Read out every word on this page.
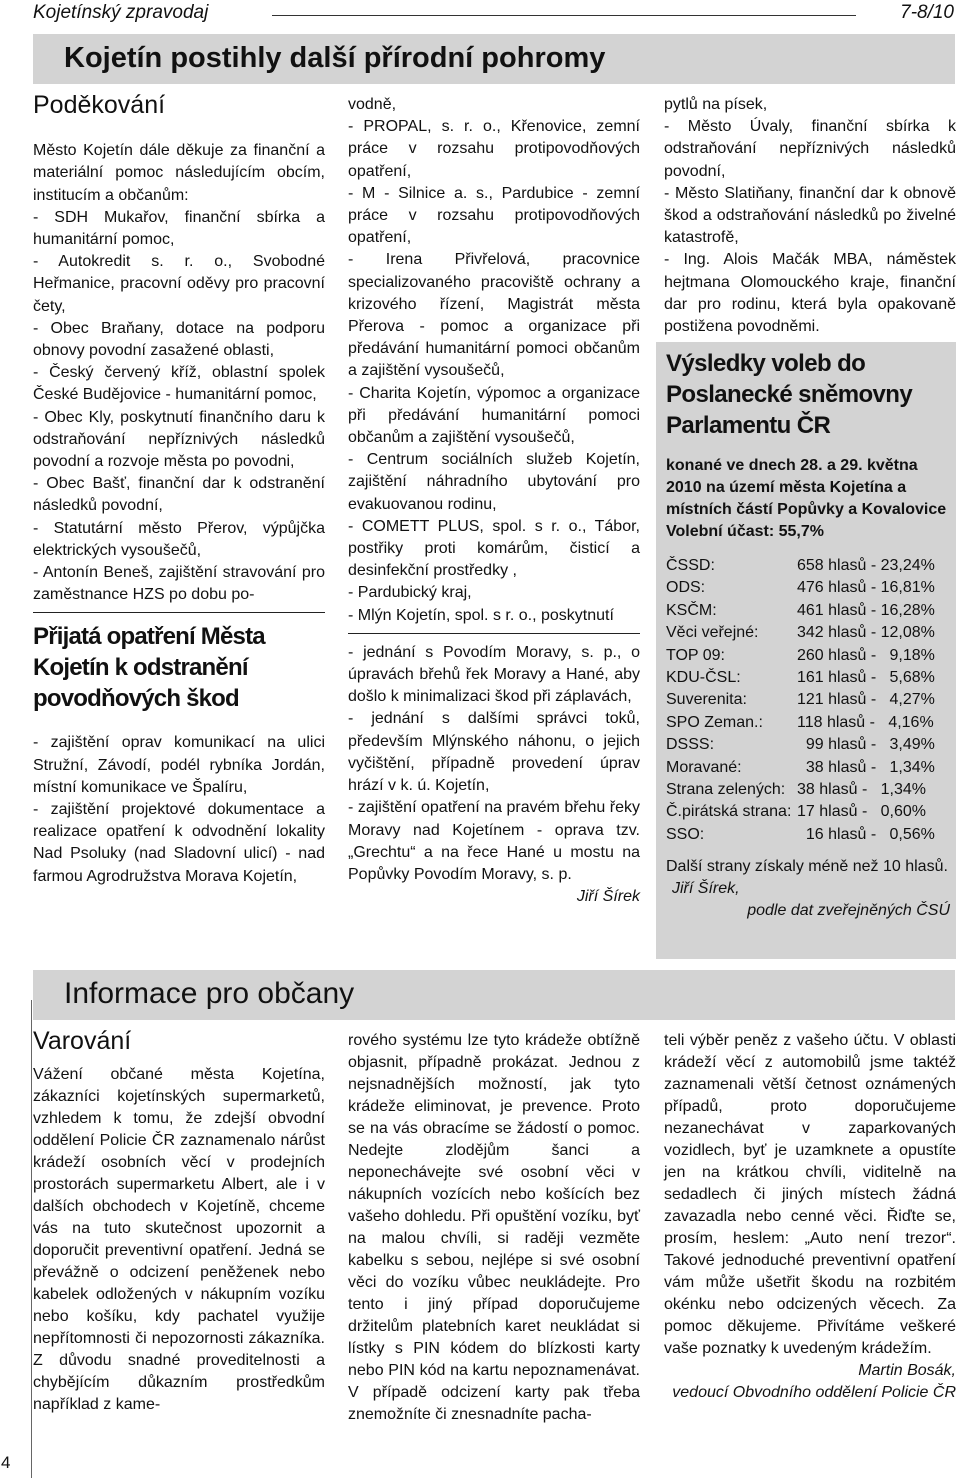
Kojetínský zpravodaj	7-8/10
Kojetín postihly další přírodní pohromy
Poděkování

Město Kojetín dále děkuje za finanční a materiální pomoc následujícím obcím, institucím a občanům:

- SDH Mukařov, finanční sbírka a humanitární pomoc,

- Autokredit s. r. o., Svobodné Heřmanice, pracovní oděvy pro pracovní čety,

- Obec Braňany, dotace na podporu obnovy povodní zasažené oblasti,

- Český červený kříž, oblastní spolek České Budějovice - humanitární pomoc,

- Obec Kly, poskytnutí finančního daru k odstraňování nepříznivých následků povodní a rozvoje města po povodni,

- Obec Bašť, finanční dar k odstranění následků povodní,

- Statutární město Přerov, výpůjčka elektrických vysoušečů,

- Antonín Beneš, zajištění stravování pro zaměstnance HZS po dobu po-

Přijatá opatření Města Kojetín k odstranění povodňových škod

- zajištění oprav komunikací na ulici Stružní, Závodí, podél rybníka Jordán, místní komunikace ve Špalíru,

- zajištění projektové dokumentace a realizace opatření k odvodnění lokality Nad Psoluky (nad Sladovní ulicí) - nad farmou Agrodružstva Morava Kojetín,

vodně,

- PROPAL, s. r. o., Křenovice, zemní práce v rozsahu protipovodňových opatření,

- M - Silnice a. s., Pardubice - zemní práce v rozsahu protipovodňových opatření,

- Irena Přivřelová, pracovnice specializovaného pracoviště ochrany a krizového řízení, Magistrát města Přerova - pomoc a organizace při předávání humanitární pomoci občanům a zajištění vysoušečů,

- Charita Kojetín, výpomoc a organizace při předávání humanitární pomoci občanům a zajištění vysoušečů,

- Centrum sociálních služeb Kojetín, zajištění náhradního ubytování pro evakuovanou rodinu,

- COMETT PLUS, spol. s r. o., Tábor, postřiky proti komárům, čisticí a desinfekční prostředky ,

- Pardubický kraj,

- Mlýn Kojetín, spol. s r. o., poskytnutí

- jednání s Povodím Moravy, s. p., o úpravách břehů řek Moravy a Hané, aby došlo k minimalizaci škod při záplavách,

- jednání s dalšími správci toků, především Mlýnského náhonu, o jejich vyčištění, případně provedení úprav hrází v k. ú. Kojetín,

- zajištění opatření na pravém břehu řeky Moravy nad Kojetínem - oprava tzv. „Grechtu“ a na řece Hané u mostu na Popůvky Povodím Moravy, s. p.

Jiří Šírek

pytlů na písek,

- Město Úvaly, finanční sbírka k odstraňování nepříznivých následků povodní,

- Město Slatiňany, finanční dar k obnově škod a odstraňování následků po živelné katastrofě,

- Ing. Alois Mačák MBA, náměstek hejtmana Olomouckého kraje, finanční dar pro rodinu, která byla opakovaně postižena povodněmi.

Výsledky voleb do Poslanecké sněmovny Parlamentu ČR
konané ve dnech 28. a 29. května 2010 na území města Kojetína a místních částí Popůvky a Kovalovice
Volební účast: 55,7%
ČSSD:	658 hlasů - 23,24%
ODS:	476 hlasů - 16,81%
KSČM:	461 hlasů - 16,28%
Věci veřejné:	342 hlasů - 12,08%
TOP 09:	260 hlasů -   9,18%
KDU-ČSL:	161 hlasů -   5,68%
Suverenita:	121 hlasů -   4,27%
SPO Zeman.:	118 hlasů -   4,16%
DSSS:	99 hlasů -   3,49%
Moravané:	38 hlasů -   1,34%
Strana zelených: 38 hlasů -   1,34%
Č.pirátská strana: 17 hlasů -   0,60%
SSO:	16 hlasů -   0,56%
Další strany získaly méně než 10 hlasů. Jiří Šírek,
podle dat zveřejněných ČSÚ
Informace pro občany
Varování

Vážení občané města Kojetína, zákazníci kojetínských supermarketů, vzhledem k tomu, že zdejší obvodní oddělení Policie ČR zaznamenalo nárůst krádeží osobních věcí v prodejních prostorách supermarketu Albert, ale i v dalších obchodech v Kojetíně, chceme vás na tuto skutečnost upozornit a doporučit preventivní opatření. Jedná se převážně o odcizení peněženek nebo kabelek odložených v nákupním vozíku nebo košíku, kdy pachatel využije nepřítomnosti či nepozornosti zákazníka. Z důvodu snadné proveditelnosti a chybějícím důkazním prostředkům například z kame-

rového systému lze tyto krádeže obtížně objasnit, případně prokázat. Jednou z nejsnadnějších možností, jak tyto krádeže eliminovat, je prevence. Proto se na vás obracíme se žádostí o pomoc. Nedejte zlodějům šanci a neponechávejte své osobní věci v nákupních vozících nebo košících bez vašeho dohledu. Při opuštění vozíku, byť na malou chvíli, si raději vezměte kabelku s sebou, nejlépe si své osobní věci do vozíku vůbec neukládejte. Pro tento i jiný případ doporučujeme držitelům platebních karet neukládat si lístky s PIN kódem do blízkosti karty nebo PIN kód na kartu nepoznamenávat. V případě odcizení karty pak třeba znemožníte či znesnadníte pacha-

teli výběr peněz z vašeho účtu. V oblasti krádeží věcí z automobilů jsme taktéž zaznamenali větší četnost oznámených případů, proto doporučujeme nezanechávat v zaparkovaných vozidlech, byť je uzamknete a opustíte jen na krátkou chvíli, viditelně na sedadlech či jiných místech žádná zavazadla nebo cenné věci. Řiďte se, prosím, heslem: „Auto není trezor“. Takové jednoduché preventivní opatření vám může ušetřit škodu na rozbitém okénku nebo odcizených věcech. Za pomoc děkujeme. Přivítáme veškeré vaše poznatky k uvedeným krádežím.

Martin Bosák,
vedoucí Obvodního oddělení Policie ČR
4
